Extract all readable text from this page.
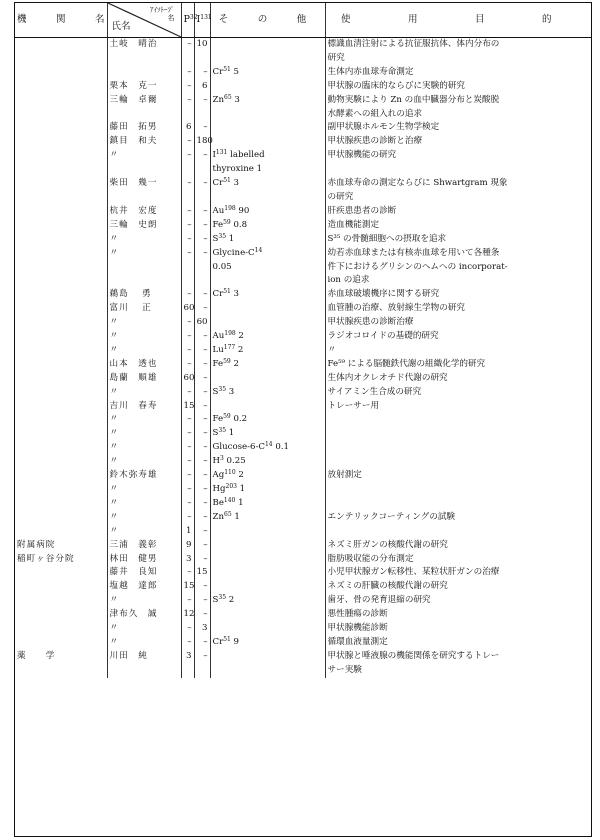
機　関　名	ｱｲｿﾄｰﾌﾟ名
氏名	$P^{32}$	$I^{131}$	そ　の　他	使　用　目　的
	土岐　晴治	–	10		標識血清注射による抗征服抗体、体内分布の
					研究
		–	–	Cr$^{51}$ 5	生体内赤血球寿命測定
	栗本　克一	–	6		甲状腺の臨床的ならびに実験的研究
	三輪　卓爾	–	–	Zn$^{65}$ 3	動物実験により Zn の血中臓器分布と炭酸脱
					水酵素への組入れの追求
	藤田　拓男	6	–		副甲状腺ホルモン生物学検定
	鎮目　和夫	–	180		甲状腺疾患の診断と治療
	〃	–	–	$I^{131}$ labelled	甲状腺機能の研究
				thyroxine 1	
	柴田　幾一	–	–	Cr$^{51}$ 3	赤血球寿命の測定ならびに Shwartgram 現象
					の研究
	杭井　宏度	–	–	Au$^{198}$ 90	肝疾患患者の診断
	三輪　史朗	–	–	Fe$^{59}$ 0.8	造血機能測定
	〃	–	–	$S^{35}$ 1	S³⁵ の骨髄細胞への摂取を追求
	〃	–	–	Glycine-$C^{14}$	幼若赤血球または有核赤血球を用いて各種条
				0.05	件下におけるグリシンのヘムへの incorporat-
					ion の追求
	鵜島　 勇	–	–	Cr$^{51}$ 3	赤血球破壊機序に関する研究
	富川　 正	60	–		血管腫の治療、放射線生学物の研究
	〃	–	60		甲状腺疾患の診断治療
	〃	–	–	Au$^{198}$ 2	ラジオコロイドの基礎的研究
	〃	–	–	Lu$^{177}$ 2	〃
	山本　透也	–	–	Fe$^{59}$ 2	Fe⁵⁹ による脳髄鉄代謝の組織化学的研究
	島蘭　順雄	60	–		生体内オクレオチド代謝の研究
	〃	–	–	$S^{35}$ 3	サイアミン生合成の研究
	吉川　春寿	15	–		トレーサー用
	〃	–	–	Fe$^{59}$ 0.2	
	〃	–	–	$S^{35}$ 1	
	〃	–	–	Glucose-$6-C^{14}$ 0.1	
	〃	–	–	$H^3$ 0.25	
	鈴木弥寿雄	–	–	Ag$^{110}$ 2	放射測定
	〃	–	–	Hg$^{203}$ 1	
	〃	–	–	Be$^{140}$ 1	
	〃	–	–	Zn$^{65}$ 1	エンテリックコーティングの試験
	〃	1	–		
附属病院	三浦　義彰	9	–		ネズミ肝ガンの核酸代謝の研究
稲町ヶ谷分院	林田　健男	3	–		脂肪吸収能の分布測定
	藤井　良知	–	15		小児甲状腺ガン転移性、某粒状肝ガンの治療
	塩越　達郎	15	–		ネズミの肝臓の核酸代謝の研究
	〃	–	–	$S^{35}$ 2	歯牙、骨の発育退縮の研究
	津布久　誠	12	–		悪性腫瘍の診断
	〃	–	3		甲状腺機能診断
	〃	–	–	Cr$^{51}$ 9	循環血液量測定
薬　　学	川田　純	3	–		甲状腺と唾液腺の機能関係を研究するトレー
					サー実験
